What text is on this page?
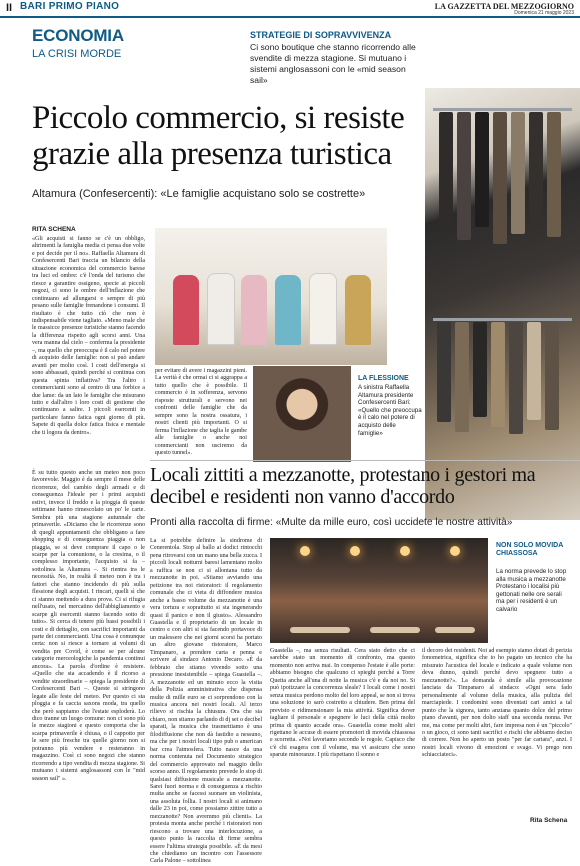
II BARI PRIMO PIANO	LA GAZZETTA DEL MEZZOGIORNO
Domenica 21 maggio 2023
ECONOMIA
LA CRISI MORDE
STRATEGIE DI SOPRAVVIVENZA
Ci sono boutique che stanno ricorrendo alle svendite di mezza stagione. Si mutuano i sistemi anglosassoni con le «mid season sail»
Piccolo commercio, si resiste grazie alla presenza turistica
Altamura (Confesercenti): «Le famiglie acquistano solo se costrette»
LA FLESSIONE
A sinistra Raffaella Altamura presidente Confesercenti Bari: «Quello che preoccupa è il calo nel potere di acquisto delle famiglie»
RITA SCHENA
«Gli acquisti si fanno se c'è un obbligo, altrimenti la famiglia media ci pensa due volte e poi decide per il no». Raffaella Altamura di Confesercenti Bari traccia un bilancio della situazione economica del commercio barese tra luci ed ombre: c'è l'onda del turismo che riesce a garantire ossigeno, specie ai piccoli negozi, ci sono le ombre dell'inflazione che continuano ad allungarsi e sempre di più pesano sulle famiglie frenandone i consumi. Il risultato è che tutto ciò che non è indispensabile viene tagliato. «Meno male che le massicce presenze turistiche stanno facendo la differenza rispetto agli scorsi anni. Una vera manna dal cielo – conferma la presidente –, ma quello che preoccupa è il calo nel potere di acquisto delle famiglie: non si può andare avanti per molto così. I costi dell'energia si sono abbassati, quindi perché si continua con questa spinta inflattiva? Tra l'altro i commercianti sono al centro di una forbice a due lame: da un lato le famiglie che misurano tutto e dall'altro i loro costi di gestione che continuano a salire. I piccoli esercenti in particolare fanno fatica ogni giorno di più. Sapete di quella dolce fatica fisica e mentale che ti logora da dentro».
per evitare di avere i magazzini pieni. La verità è che ormai ci si aggrappa a tutto quello che è possibile. Il commercio è in sofferenza, servono risposte strutturali e servono nei confronti delle famiglie che da sempre sono la nostra ossatura, i nostri clienti più importanti. O si ferma l'inflazione che taglia le gambe alle famiglie o anche noi commercianti non usciremo da questo tunnel».
È su tutto questo anche un meteo non poco favorevole. Maggio è da sempre il mese delle ricorrenze, del cambio degli armadi e di conseguenza l'ideale per i primi acquisti estivi, invece il freddo e la pioggia di queste settimane hanno rimescolato un po' le carte. Sembra più una stagione autunnale che primaverile. «Diciamo che le ricorrenze sono di quegli appuntamenti che obbligano a fare shopping e di conseguenza piaggia o non piaggia, se si deve comprare il capo o le scarpe per la comunione, o la cresima, o il complesso importante, l'acquisto si fa – sottolinea la Altamura –. Si rientra tra le necessità. No, in realtà il meteo non è tra i fattori che stanno incidendo di più sulla flessione degli acquisti. I rincari, quelli sì che ci stanno mettendo a dura prova. Ci si rifugia nell'usato, nel mercatino dell'abbigliamento e scarpe gli esercenti stanno facendo sotto di tutto». Si cerca di tenere più bassi possibili i costi e di dettaglio, con sacrifici importanti da parte dei commercianti. Una cosa è comunque certa: non si riesce a tornare ai volumi di vendita pre Covid, è come se per alcune categorie merceologiche la pandemia continui ancora». La parola d'ordine è resistere. «Quello che sta accadendo è il ricorso a vendite straordinarie – spiega la presidente di Confesercenti Bari –. Queste si stringono legate alle feste del meteo. Per questo ci sta ploggia e fa caccia saxons moda, tra quello che però sappiamo che l'estate esploderà. Lo dico tranne un luogo comune: non ci sono più le mezze stagioni e questo comporta che la scarpa primaverile è chiusa, o il cappotto per le sere più fresche tra quelle giorno non si potranno più vendere e resteranno in magazzino. Così ci sono negozi che stanno ricorrendo a tipo vendita di mezza stagione. Si mutuano i sistemi anglosassoni con le "mid season sail" ».
Locali zittiti a mezzanotte, protestano i gestori ma decibel e residenti non vanno d'accordo
Pronti alla raccolta di firme: «Multe da mille euro, così uccidete le nostre attività»
La si potrebbe definire la sindrome di Cenerentola. Stop al ballo ai dodici rintocchi pena ritrovarsi con un mano una bella zucca. I piccoli locali notturni baresi lamentano molto a raffica se non ci si allontana tutto da mezzanotte in poi. «Stiamo avviando una petizione tra noi ristoratori: il regolamento comunale che ci vieta di diffondere musica anche a basso volume da mezzanotte è una vera tortura e soprattutto si sta ingenerando quasi il panico e non il giusto». Alessandro Guastella e il proprietario di un locale in centro e con altri si sta facendo portavoce di un malessere che nei giorni scorsi ha portato un altro giovane ristoratore, Marco Timpanaro, a prendere carta e penna e scrivere al sindaco Antonio Decaro. «È da febbraio che stiamo vivendo sotto una pressione inesistenibile – spiega Guastella –. A mezzanotte ed un minuto ecco la visita della Polizia amministrativa che dispensa multe di mille euro se ci sorprendono con la musica ancora nei nostri locali. Al terzo rilievo si rischia la chiusura. Ora che sia chiaro, non stiamo parlando di dj set o decibel sparati, la musica che trasmettiamo è una filodiffusione che non dà fastidio a nessuno, ma che per i nostri locali tipo pub o american bar crea l'atmosfera. Tutto nasce da una norma contenuta nel Documento strategico del commercio approvato nel maggio dello scorso anno. Il regolamento prevede lo stop di qualsiasi diffusione musicale a mezzanotte. Sarei fuori norma e di conseguenza a rischio multa anche se facessi suonare un violinista, una assoluta follia. I nostri locali si animano dalle 23 in poi, come possiamo zittire tutto a mezzanotte? Non avremmo più clienti». La protesta monta anche perché i ristoratori non riescono a trovare una interlocuzione, a questo punto la raccolta di firme sembra essere l'ultima strategia possibile. «È da mesi che chiediamo un incontro con l'assessore Carla Palone – sottolinea
NON SOLO MOVIDA CHIASSOSA
La norma prevede lo stop alla musica a mezzanotte Protestano i localisi più gettonati nelle ore serali ma per i residenti è un calvario
Guastella –, ma senza risultati. Cera stato detto che ci sarebbe stato un momento di confronto, ma questo momento non arriva mai. In compenso l'estate è alle porte: abbiamo bisogno che qualcuno ci spieghi perché a Torre Quetta anche all'una di notte la musica c'è e da noi no. Si può ipotizzare la concorrenza sleale? I locali come i nostri senza musica perdono molto del loro appeal, se non si trova una soluzione io sarò costretto a chiudere. Ben prima del previsto e ridimensionare la mia attività. Significa dover tagliare il personale e spegnere le luci della città molto prima di quanto accade ora». Guastella come molti altri rigettano le accuse di essere promotori di movida chiassosa e scorretta. «Noi lavoriamo secondo le regole. Capisco che c'è chi esagera con il volume, ma vi assicuro che sono sparute minoranze. I più rispettano il sonno e
il decoro dei residenti. Noi ad esempio siamo dotati di perizia fonometrica, significa che io ho pagato un tecnico che ha misurato l'acustica del locale e indicato a quale volume non deva dunno, quindi perché devo spegnere tutto a mezzanotte?». La domanda è simile alla provocazione lanciata da Timpanaro al sindaco: «Ogni sera fado personalmente al volume della musica, alla pulizia del marciapiede. I condomini sono diventati cari amici a tal punto che la signora, tanto anziana quanto dolce del primo piano d'avanti, per non dolto staff una seconda nonna. Per me, ma come per molti altri, fare impresa non è un "piccolo" o un gioco, ci sono tanti sacrifici e rischi che abbiamo deciso di correre. Non ho aperto un posto "per far cartara", anzi. I nostri locali vivono di emozioni e svago. Vi prego non schiacciateci».
Rita Schena
